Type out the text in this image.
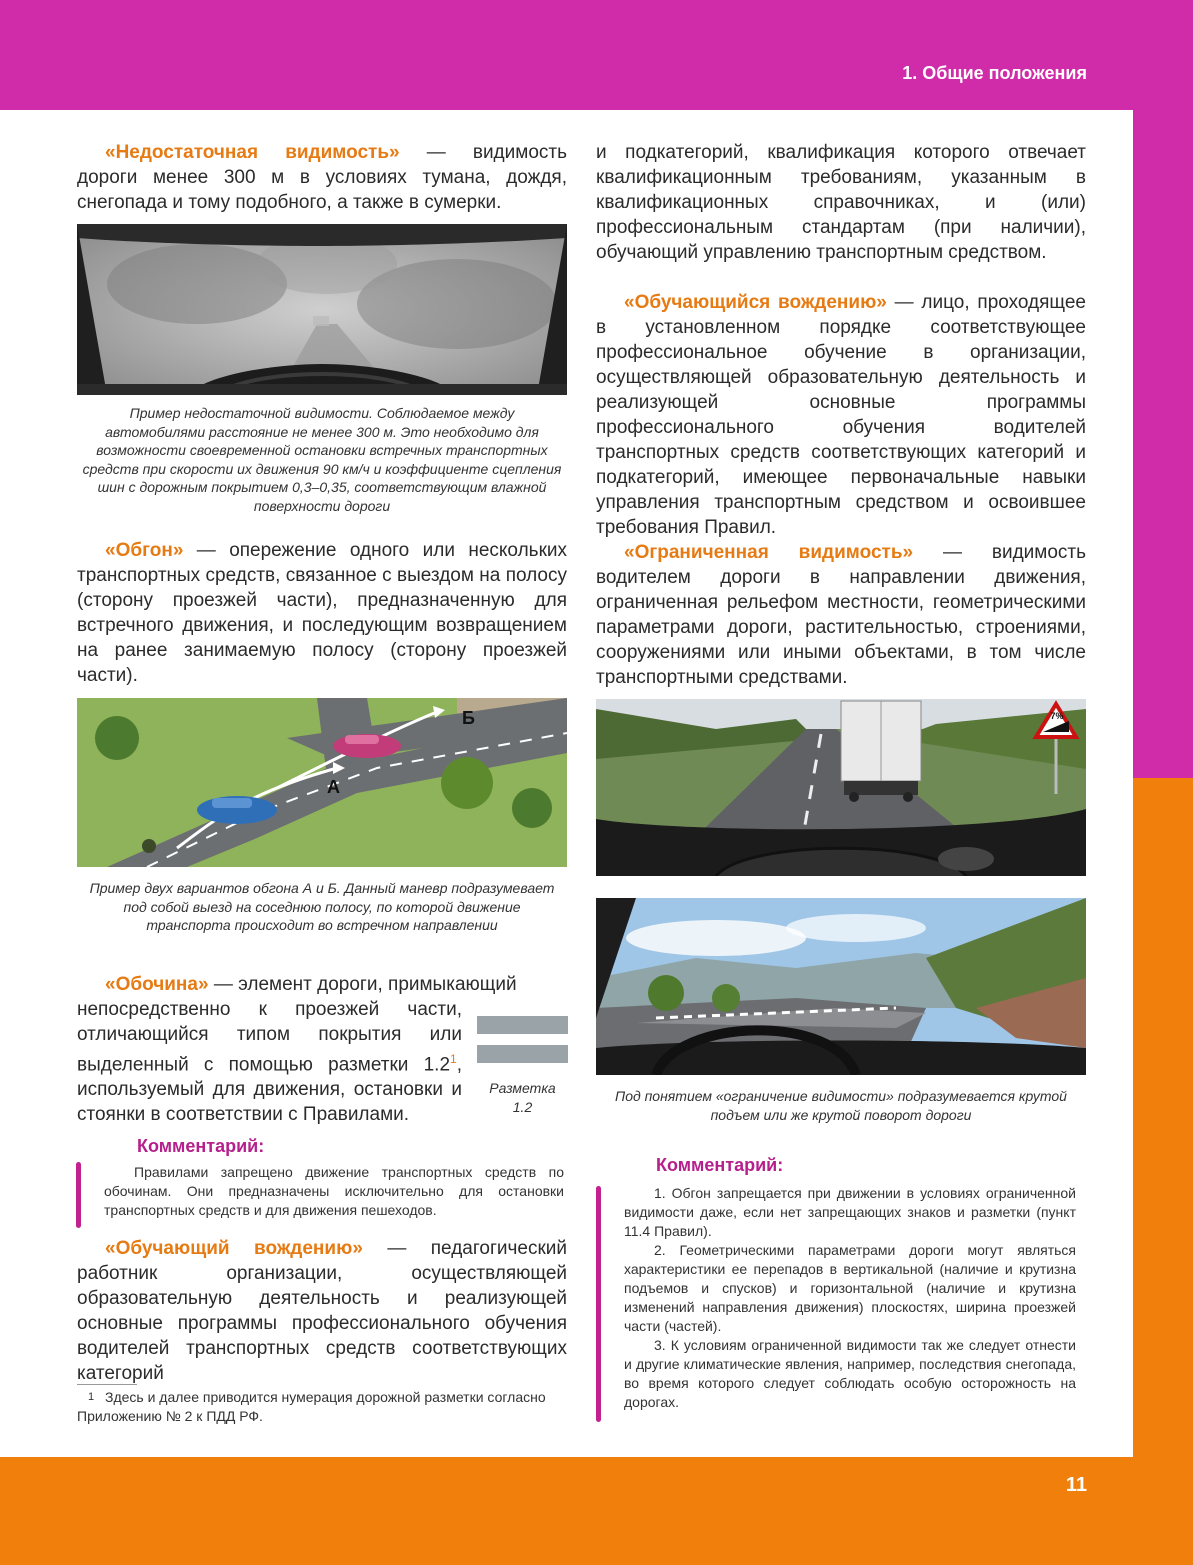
1. Общие положения
11

«Недостаточная видимость» — видимость дороги менее 300 м в условиях тумана, дождя, снегопада и тому подобного, а также в сумерки.

Пример недостаточной видимости. Соблюдаемое между автомобилями расстояние не менее 300 м. Это необходимо для возможности своевременной остановки встречных транспортных средств при скорости их движения 90 км/ч и коэффициенте сцепления шин с дорожным покрытием 0,3–0,35, соответствующим влажной поверхности дороги

«Обгон» — опережение одного или нескольких транспортных средств, связанное с выездом на полосу (сторону проезжей части), предназначенную для встречного движения, и последующим возвращением на ранее занимаемую полосу (сторону проезжей части).

А
Б

Пример двух вариантов обгона А и Б. Данный маневр подразумевает под собой выезд на соседнюю полосу, по которой движение транспорта происходит во встречном направлении

«Обочина» — элемент дороги, примыкающий

непосредственно к проезжей части, отличающийся типом покрытия или выделенный с помощью разметки $1.2^1$, используемый для движения, остановки и стоянки в соответствии с Правилами.

Разметка
1.2

Комментарий:

Правилами запрещено движение транспортных средств по обочинам. Они предназначены исключительно для остановки транспортных средств и для движения пешеходов.

«Обучающий вождению» — педагогический работник организации, осуществляющей образовательную деятельность и реализующей основные программы профессионального обучения водителей транспортных средств соответствующих категорий

1 Здесь и далее приводится нумерация дорожной разметки согласно Приложению № 2 к ПДД РФ.

и подкатегорий, квалификация которого отвечает квалификационным требованиям, указанным в квалификационных справочниках, и (или) профессиональным стандартам (при наличии), обучающий управлению транспортным средством.

«Обучающийся вождению» — лицо, проходящее в установленном порядке соответствующее профессиональное обучение в организации, осуществляющей образовательную деятельность и реализующей основные программы профессионального обучения водителей транспортных средств соответствующих категорий и подкатегорий, имеющее первоначальные навыки управления транспортным средством и освоившее требования Правил.

«Ограниченная видимость» — видимость водителем дороги в направлении движения, ограниченная рельефом местности, геометрическими параметрами дороги, растительностью, строениями, сооружениями или иными объектами, в том числе транспортными средствами.

7%

Под понятием «ограничение видимости» подразумевается крутой подъем или же крутой поворот дороги

Комментарий:

1. Обгон запрещается при движении в условиях ограниченной видимости даже, если нет запрещающих знаков и разметки (пункт 11.4 Правил).

2. Геометрическими параметрами дороги могут являться характеристики ее перепадов в вертикальной (наличие и крутизна подъемов и спусков) и горизонтальной (наличие и крутизна изменений направления движения) плоскостях, ширина проезжей части (частей).

3. К условиям ограниченной видимости так же следует отнести и другие климатические явления, например, последствия снегопада, во время которого следует соблюдать особую осторожность на дорогах.
